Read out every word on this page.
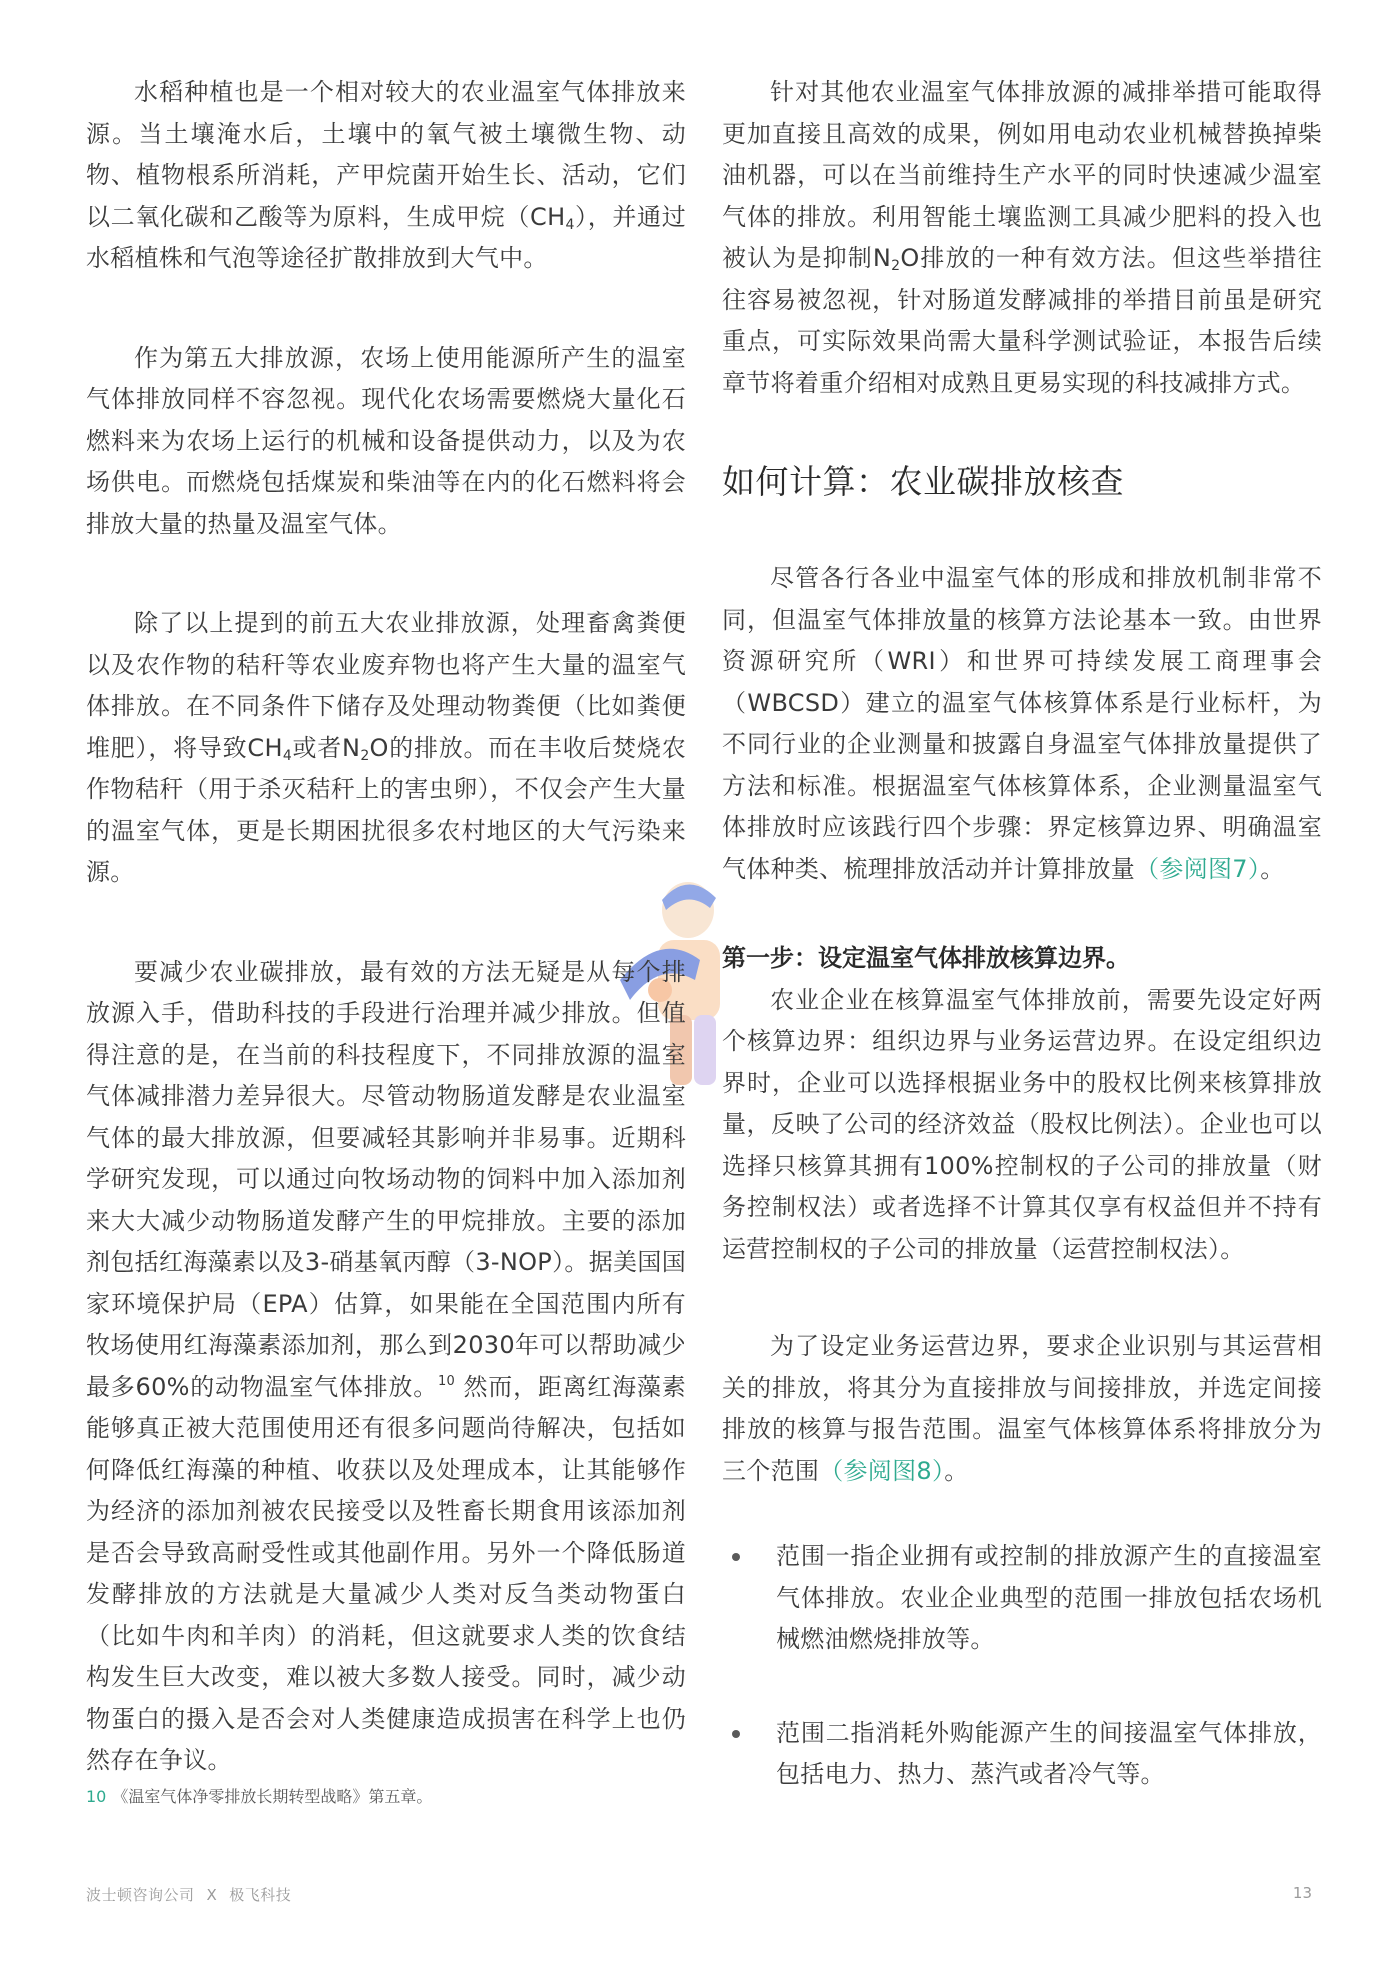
水稻种植也是一个相对较大的农业温室气体排放来源。当土壤淹水后，土壤中的氧气被土壤微生物、动物、植物根系所消耗，产甲烷菌开始生长、活动，它们以二氧化碳和乙酸等为原料，生成甲烷$(CH_4)$，并通过水稻植株和气泡等途径扩散排放到大气中。

作为第五大排放源，农场上使用能源所产生的温室气体排放同样不容忽视。现代化农场需要燃烧大量化石燃料来为农场上运行的机械和设备提供动力，以及为农场供电。而燃烧包括煤炭和柴油等在内的化石燃料将会排放大量的热量及温室气体。

除了以上提到的前五大农业排放源，处理畜禽粪便以及农作物的秸秆等农业废弃物也将产生大量的温室气体排放。在不同条件下储存及处理动物粪便（比如粪便堆肥），将导致$CH_4$或者$N_2O$的排放。而在丰收后焚烧农作物秸秆（用于杀灭秸秆上的害虫卵），不仅会产生大量的温室气体，更是长期困扰很多农村地区的大气污染来源。

要减少农业碳排放，最有效的方法无疑是从每个排放源入手，借助科技的手段进行治理并减少排放。但值得注意的是，在当前的科技程度下，不同排放源的温室气体减排潜力差异很大。尽管动物肠道发酵是农业温室气体的最大排放源，但要减轻其影响并非易事。近期科学研究发现，可以通过向牧场动物的饲料中加入添加剂来大大减少动物肠道发酵产生的甲烷排放。主要的添加剂包括红海藻素以及3-硝基氧丙醇（3-NOP）。据美国国家环境保护局（EPA）估算，如果能在全国范围内所有牧场使用红海藻素添加剂，那么到2030年可以帮助减少最多60%的动物温室气体排放。$^{10}$ 然而，距离红海藻素能够真正被大范围使用还有很多问题尚待解决，包括如何降低红海藻的种植、收获以及处理成本，让其能够作为经济的添加剂被农民接受以及牲畜长期食用该添加剂是否会导致高耐受性或其他副作用。另外一个降低肠道发酵排放的方法就是大量减少人类对反刍类动物蛋白（比如牛肉和羊肉）的消耗，但这就要求人类的饮食结构发生巨大改变，难以被大多数人接受。同时，减少动物蛋白的摄入是否会对人类健康造成损害在科学上也仍然存在争议。

针对其他农业温室气体排放源的减排举措可能取得更加直接且高效的成果，例如用电动农业机械替换掉柴油机器，可以在当前维持生产水平的同时快速减少温室气体的排放。利用智能土壤监测工具减少肥料的投入也被认为是抑制$N_2O$排放的一种有效方法。但这些举措往往容易被忽视，针对肠道发酵减排的举措目前虽是研究重点，可实际效果尚需大量科学测试验证，本报告后续章节将着重介绍相对成熟且更易实现的科技减排方式。

如何计算：农业碳排放核查

尽管各行各业中温室气体的形成和排放机制非常不同，但温室气体排放量的核算方法论基本一致。由世界资源研究所（WRI）和世界可持续发展工商理事会（WBCSD）建立的温室气体核算体系是行业标杆，为不同行业的企业测量和披露自身温室气体排放量提供了方法和标准。根据温室气体核算体系，企业测量温室气体排放时应该践行四个步骤：界定核算边界、明确温室气体种类、梳理排放活动并计算排放量（参阅图7）。

第一步：设定温室气体排放核算边界。

农业企业在核算温室气体排放前，需要先设定好两个核算边界：组织边界与业务运营边界。在设定组织边界时，企业可以选择根据业务中的股权比例来核算排放量，反映了公司的经济效益（股权比例法）。企业也可以选择只核算其拥有100%控制权的子公司的排放量（财务控制权法）或者选择不计算其仅享有权益但并不持有运营控制权的子公司的排放量（运营控制权法）。

为了设定业务运营边界，要求企业识别与其运营相关的排放，将其分为直接排放与间接排放，并选定间接排放的核算与报告范围。温室气体核算体系将排放分为三个范围（参阅图8）。

范围一指企业拥有或控制的排放源产生的直接温室气体排放。农业企业典型的范围一排放包括农场机械燃油燃烧排放等。
范围二指消耗外购能源产生的间接温室气体排放，包括电力、热力、蒸汽或者冷气等。
10 《温室气体净零排放长期转型战略》第五章。
波士顿咨询公司 X 极飞科技	13
